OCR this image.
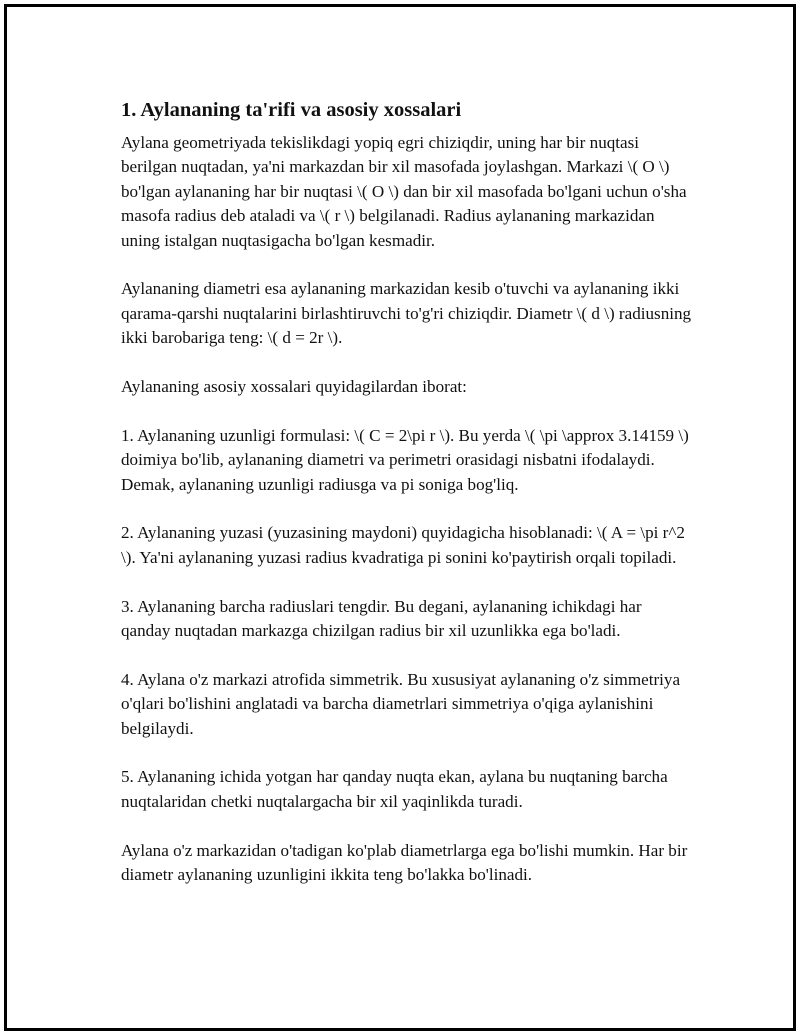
1. Aylananing ta'rifi va asosiy xossalari

Aylana geometriyada tekislikdagi yopiq egri chiziqdir, uning har bir nuqtasi berilgan nuqtadan, ya'ni markazdan bir xil masofada joylashgan. Markazi \( O \) bo'lgan aylananing har bir nuqtasi \( O \) dan bir xil masofada bo'lgani uchun o'sha masofa radius deb ataladi va \( r \) belgilanadi. Radius aylananing markazidan uning istalgan nuqtasigacha bo'lgan kesmadir.

Aylananing diametri esa aylananing markazidan kesib o'tuvchi va aylananing ikki qarama-qarshi nuqtalarini birlashtiruvchi to'g'ri chiziqdir. Diametr \( d \) radiusning ikki barobariga teng: \( d = 2r \).

Aylananing asosiy xossalari quyidagilardan iborat:

1. Aylananing uzunligi formulasi: \( C = 2\pi r \). Bu yerda \( \pi \approx 3.14159 \) doimiya bo'lib, aylananing diametri va perimetri orasidagi nisbatni ifodalaydi. Demak, aylananing uzunligi radiusga va pi soniga bog'liq.

2. Aylananing yuzasi (yuzasining maydoni) quyidagicha hisoblanadi: \( A = \pi r^2 \). Ya'ni aylananing yuzasi radius kvadratiga pi sonini ko'paytirish orqali topiladi.

3. Aylananing barcha radiuslari tengdir. Bu degani, aylananing ichikdagi har qanday nuqtadan markazga chizilgan radius bir xil uzunlikka ega bo'ladi.

4. Aylana o'z markazi atrofida simmetrik. Bu xususiyat aylananing o'z simmetriya o'qlari bo'lishini anglatadi va barcha diametrlari simmetriya o'qiga aylanishini belgilaydi.

5. Aylananing ichida yotgan har qanday nuqta ekan, aylana bu nuqtaning barcha nuqtalaridan chetki nuqtalargacha bir xil yaqinlikda turadi.

Aylana o'z markazidan o'tadigan ko'plab diametrlarga ega bo'lishi mumkin. Har bir diametr aylananing uzunligini ikkita teng bo'lakka bo'linadi.
